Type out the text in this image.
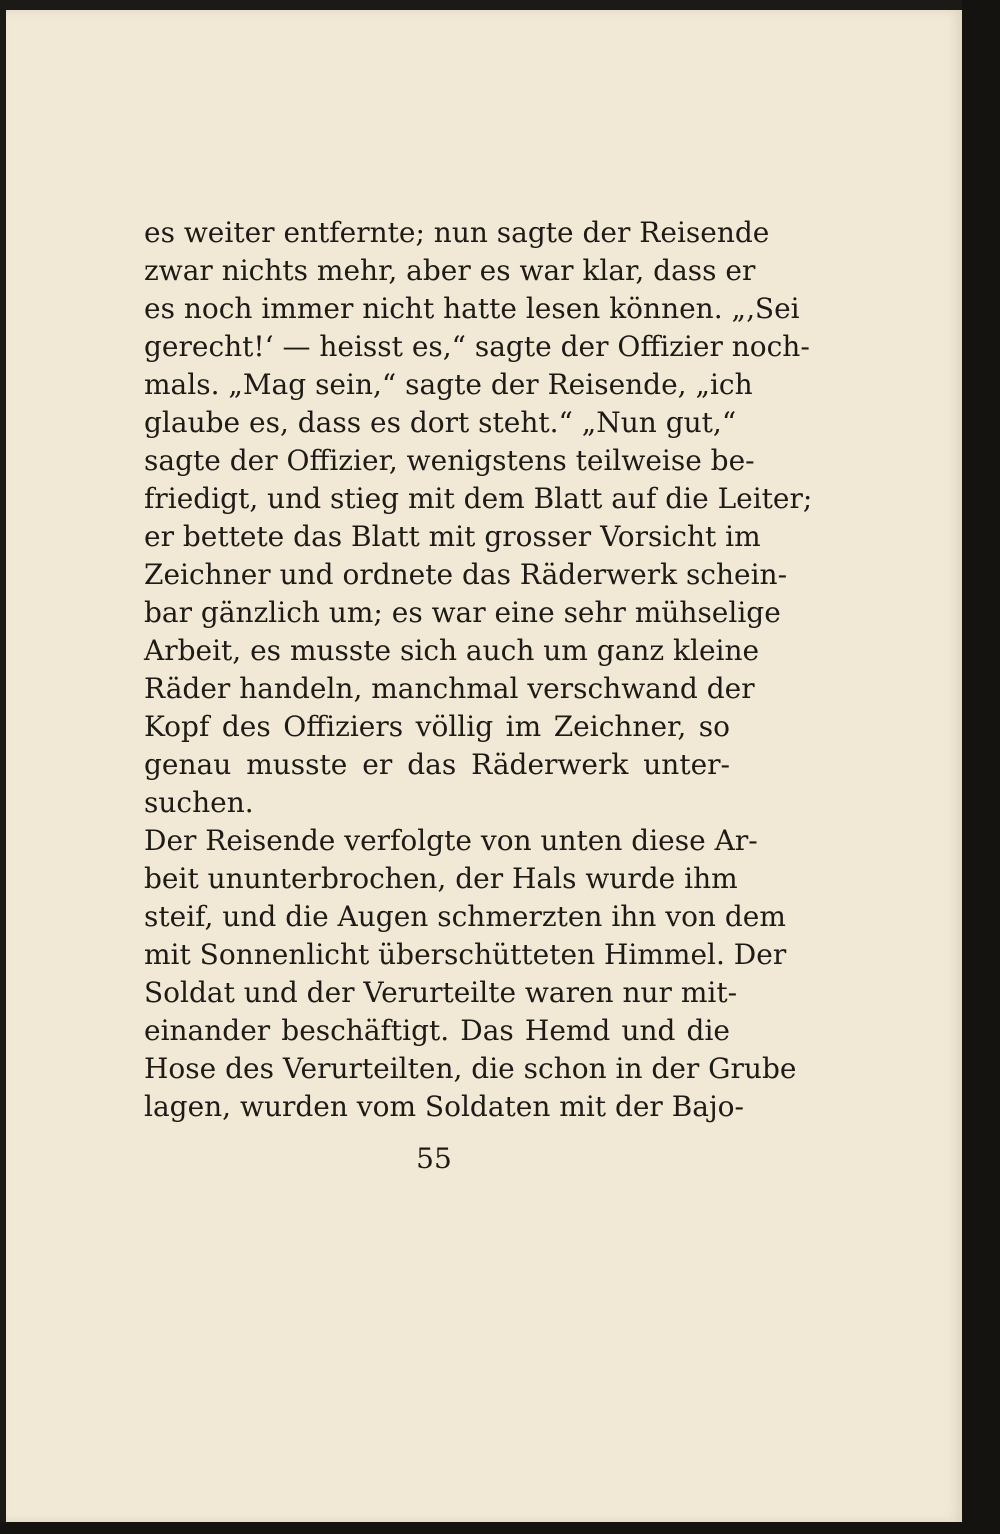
es weiter entfernte; nun sagte der Reisende
zwar nichts mehr, aber es war klar, dass er
es noch immer nicht hatte lesen können. „‚Sei
gerecht!‘ — heisst es,“ sagte der Offizier noch-
mals. „Mag sein,“ sagte der Reisende, „ich
glaube es, dass es dort steht.“ „Nun gut,“
sagte der Offizier, wenigstens teilweise be-
friedigt, und stieg mit dem Blatt auf die Leiter;
er bettete das Blatt mit grosser Vorsicht im
Zeichner und ordnete das Räderwerk schein-
bar gänzlich um; es war eine sehr mühselige
Arbeit, es musste sich auch um ganz kleine
Räder handeln, manchmal verschwand der
Kopf des Offiziers völlig im Zeichner, so
genau musste er das Räderwerk unter-
suchen.
Der Reisende verfolgte von unten diese Ar-
beit ununterbrochen, der Hals wurde ihm
steif, und die Augen schmerzten ihn von dem
mit Sonnenlicht überschütteten Himmel. Der
Soldat und der Verurteilte waren nur mit-
einander beschäftigt. Das Hemd und die
Hose des Verurteilten, die schon in der Grube
lagen, wurden vom Soldaten mit der Bajo-
55
